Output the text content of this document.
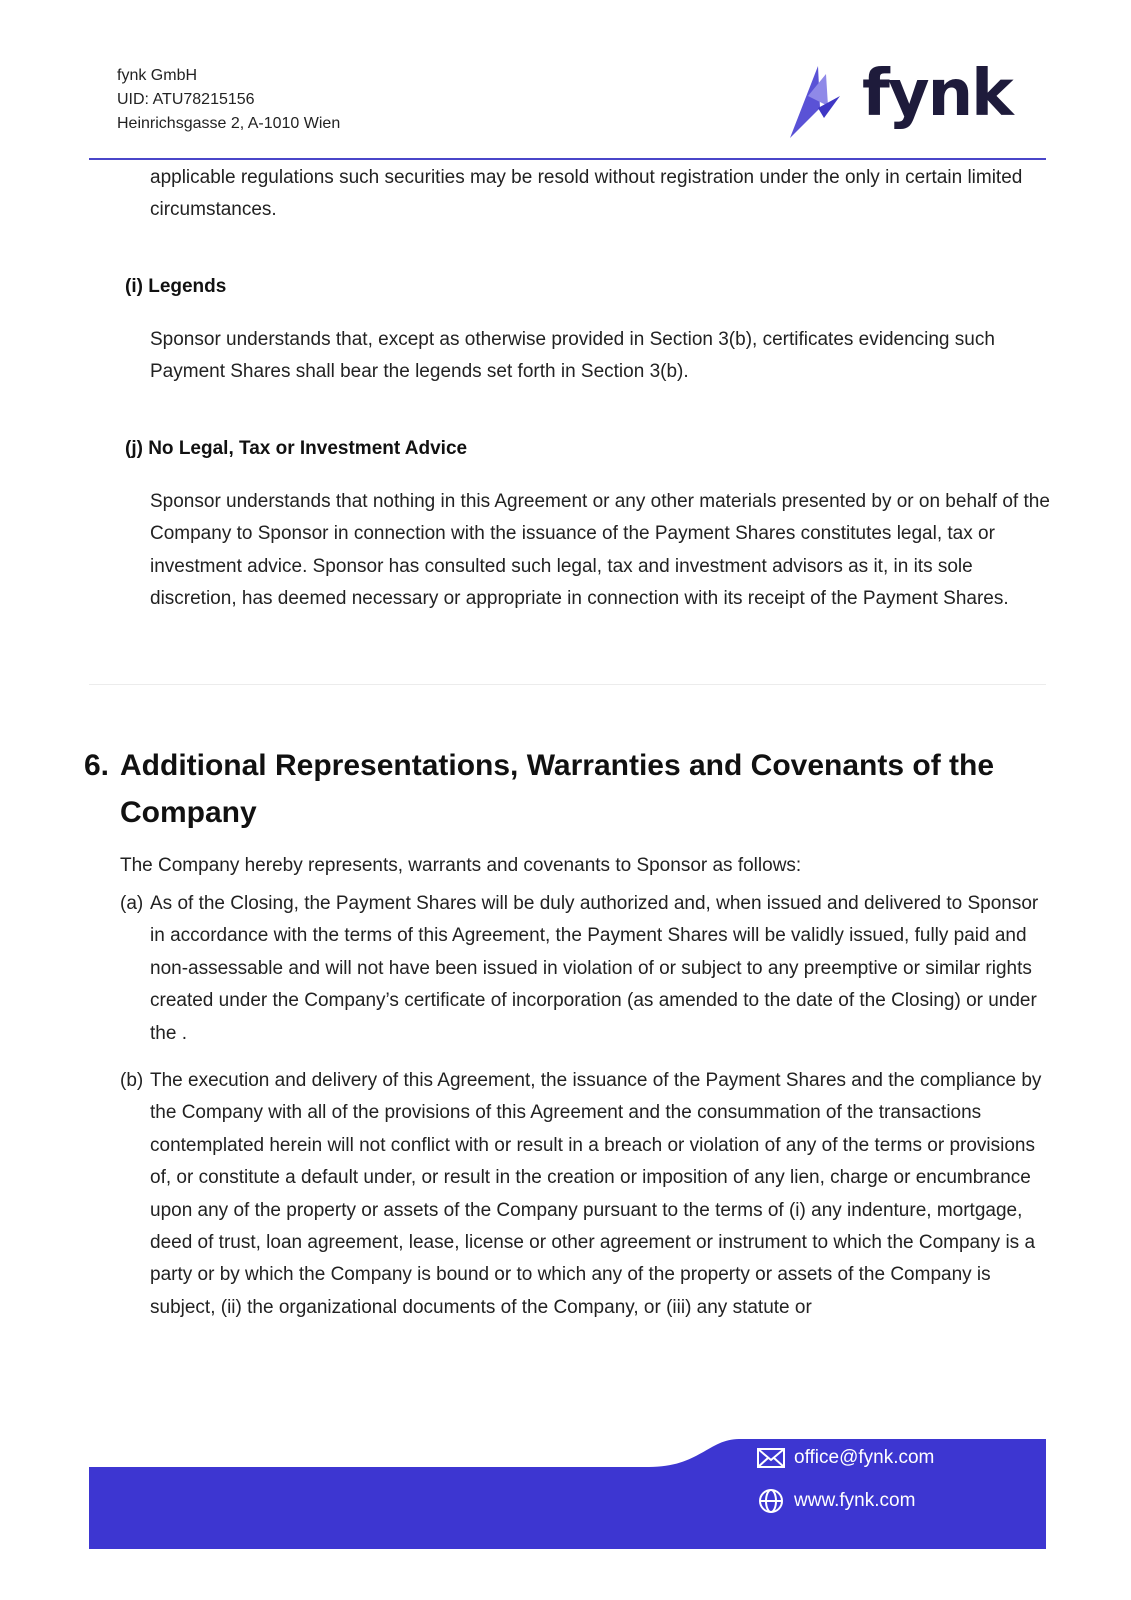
fynk GmbH
UID: ATU78215156
Heinrichsgasse 2, A-1010 Wien	fynk
applicable regulations such securities may be resold without registration under the only in certain limited circumstances.
(i) Legends
Sponsor understands that, except as otherwise provided in Section 3(b), certificates evidencing such Payment Shares shall bear the legends set forth in Section 3(b).
(j) No Legal, Tax or Investment Advice
Sponsor understands that nothing in this Agreement or any other materials presented by or on behalf of the Company to Sponsor in connection with the issuance of the Payment Shares constitutes legal, tax or investment advice. Sponsor has consulted such legal, tax and investment advisors as it, in its sole discretion, has deemed necessary or appropriate in connection with its receipt of the Payment Shares.
6. Additional Representations, Warranties and Covenants of the
Company
The Company hereby represents, warrants and covenants to Sponsor as follows:
(a) As of the Closing, the Payment Shares will be duly authorized and, when issued and delivered to Sponsor in accordance with the terms of this Agreement, the Payment Shares will be validly issued, fully paid and non-assessable and will not have been issued in violation of or subject to any preemptive or similar rights created under the Company’s certificate of incorporation (as amended to the date of the Closing) or under the .
(b) The execution and delivery of this Agreement, the issuance of the Payment Shares and the compliance by the Company with all of the provisions of this Agreement and the consummation of the transactions contemplated herein will not conflict with or result in a breach or violation of any of the terms or provisions of, or constitute a default under, or result in the creation or imposition of any lien, charge or encumbrance upon any of the property or assets of the Company pursuant to the terms of (i) any indenture, mortgage, deed of trust, loan agreement, lease, license or other agreement or instrument to which the Company is a party or by which the Company is bound or to which any of the property or assets of the Company is subject, (ii) the organizational documents of the Company, or (iii) any statute or
office@fynk.com
www.fynk.com
